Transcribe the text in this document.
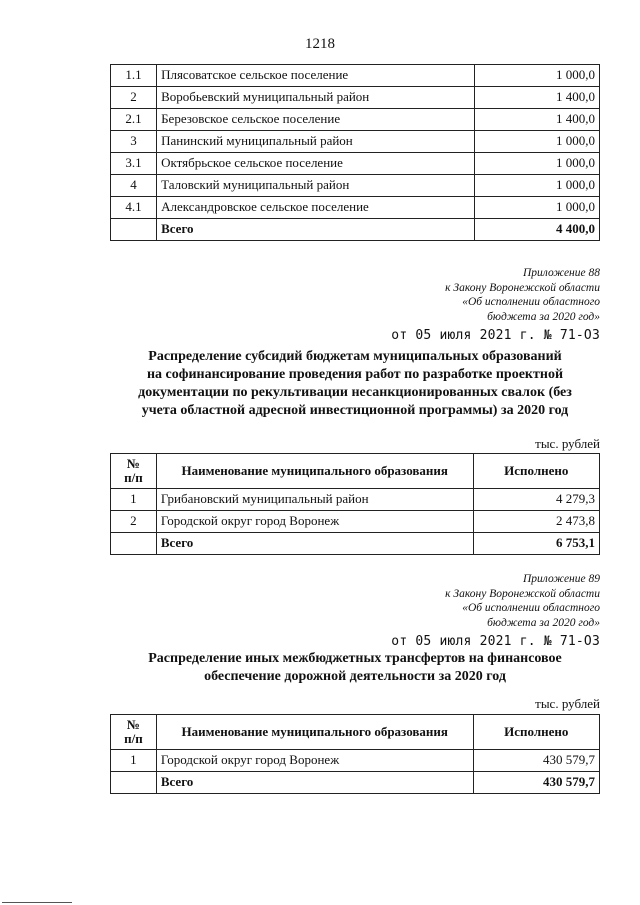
1218
1.1	Плясоватское сельское поселение	1 000,0
2	Воробьевский муниципальный район	1 400,0
2.1	Березовское сельское поселение	1 400,0
3	Панинский муниципальный район	1 000,0
3.1	Октябрьское сельское поселение	1 000,0
4	Таловский муниципальный район	1 000,0
4.1	Александровское сельское поселение	1 000,0
	Всего	4 400,0
Приложение 88
к Закону Воронежской области
«Об исполнении областного
бюджета за 2020 год»
от 05 июля 2021 г. № 71-ОЗ
Распределение субсидий бюджетам муниципальных образований
на софинансирование проведения работ по разработке проектной
документации по рекультивации несанкционированных свалок (без
учета областной адресной инвестиционной программы) за 2020 год
тыс. рублей
№
п/п	Наименование муниципального образования	Исполнено
1	Грибановский муниципальный район	4 279,3
2	Городской округ город Воронеж	2 473,8
	Всего	6 753,1
Приложение 89
к Закону Воронежской области
«Об исполнении областного
бюджета за 2020 год»
от 05 июля 2021 г. № 71-ОЗ
Распределение иных межбюджетных трансфертов на финансовое
обеспечение дорожной деятельности за 2020 год
тыс. рублей
№
п/п	Наименование муниципального образования	Исполнено
1	Городской округ город Воронеж	430 579,7
	Всего	430 579,7
